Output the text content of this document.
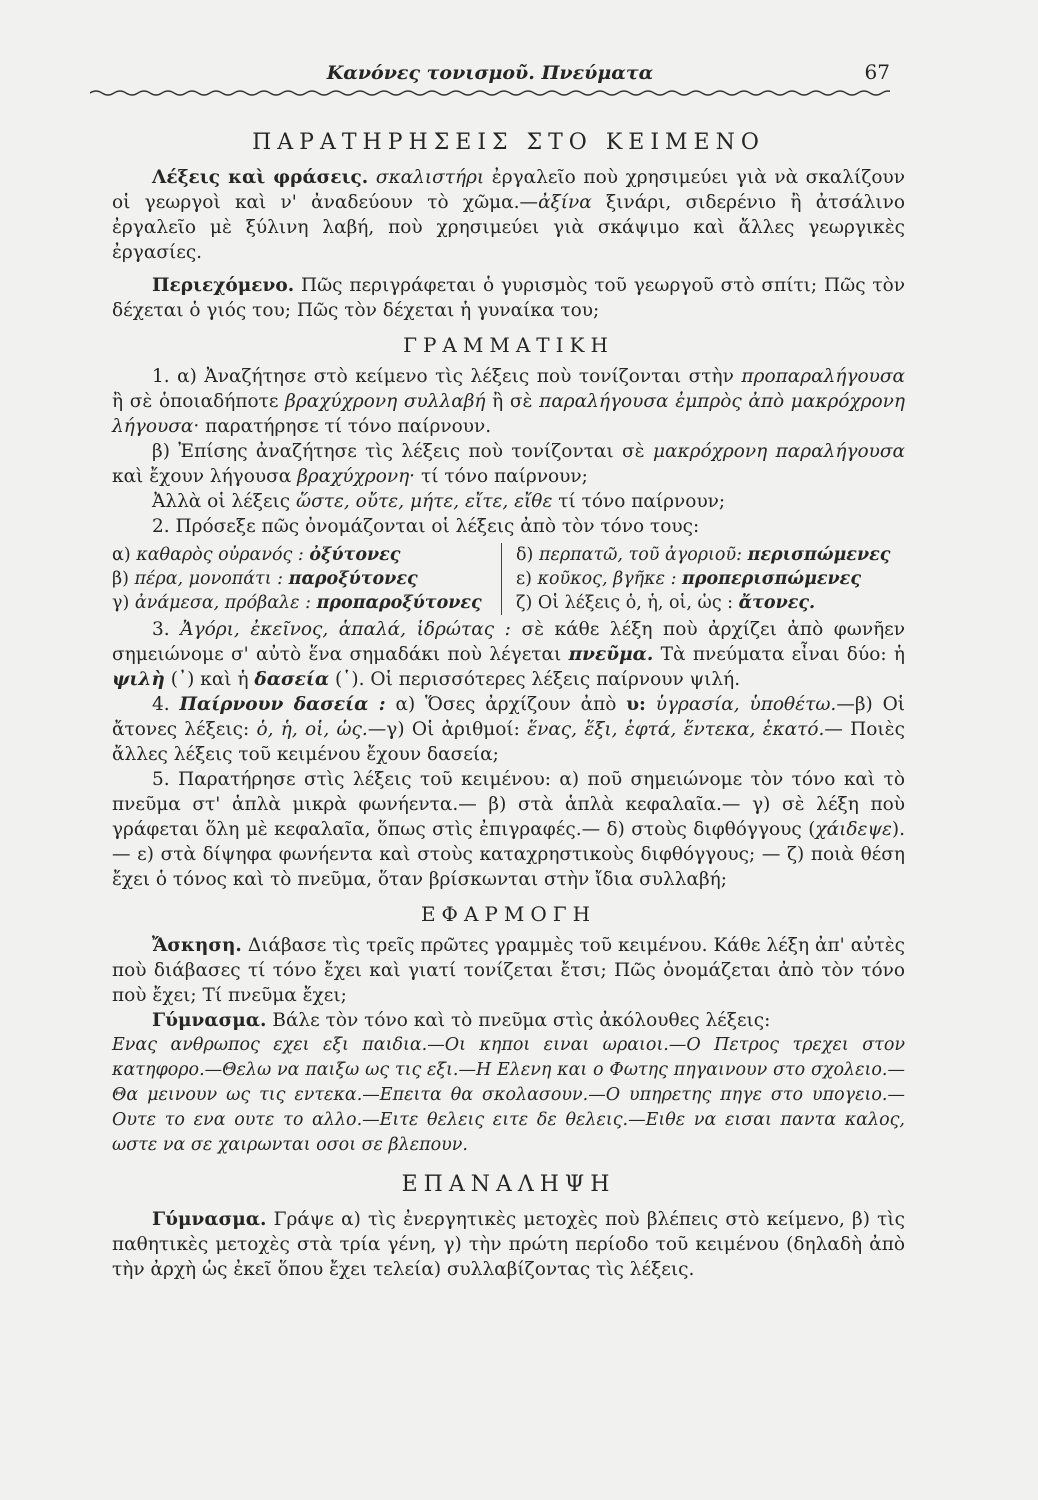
Κανόνες τονισμοῦ. Πνεύματα	67
ΠΑΡΑΤΗΡΗΣΕΙΣ ΣΤΟ ΚΕΙΜΕΝΟ

Λέξεις καὶ φράσεις. σκαλιστήρι ἐργαλεῖο ποὺ χρησιμεύει γιὰ νὰ σκαλίζουν οἱ γεωργοὶ καὶ ν' ἀναδεύουν τὸ χῶμα.—ἀξίνα ξινάρι, σιδερένιο ἢ ἀτσάλινο ἐργαλεῖο μὲ ξύλινη λαβή, ποὺ χρησιμεύει γιὰ σκάψιμο καὶ ἄλλες γεωργικὲς ἐργασίες.

Περιεχόμενο. Πῶς περιγράφεται ὁ γυρισμὸς τοῦ γεωργοῦ στὸ σπίτι; Πῶς τὸν δέχεται ὁ γιός του; Πῶς τὸν δέχεται ἡ γυναίκα του;

ΓΡΑΜΜΑΤΙΚΗ

1. α) Ἀναζήτησε στὸ κείμενο τὶς λέξεις ποὺ τονίζονται στὴν προπαραλήγουσα ἢ σὲ ὁποιαδήποτε βραχύχρονη συλλαβή ἢ σὲ παραλήγουσα ἐμπρὸς ἀπὸ μακρόχρονη λήγουσα· παρατήρησε τί τόνο παίρνουν.

β) Ἐπίσης ἀναζήτησε τὶς λέξεις ποὺ τονίζονται σὲ μακρόχρονη παραλήγουσα καὶ ἔχουν λήγουσα βραχύχρονη· τί τόνο παίρνουν;

Ἀλλὰ οἱ λέξεις ὥστε, οὔτε, μήτε, εἴτε, εἴθε τί τόνο παίρνουν;

2. Πρόσεξε πῶς ὀνομάζονται οἱ λέξεις ἀπὸ τὸν τόνο τους:

α) καθαρὸς οὐρανός : ὀξύτονες
β) πέρα, μονοπάτι : παροξύτονες
γ) ἀνάμεσα, πρόβαλε : προπαροξύτονες
δ) περπατῶ, τοῦ ἀγοριοῦ: περισπώμενες
ε) κοῦκος, βγῆκε : προπερισπώμενες
ζ) Οἱ λέξεις ὁ, ἡ, οἱ, ὡς : ἄτονες.

3. Ἀγόρι, ἐκεῖνος, ἁπαλά, ἱδρώτας : σὲ κάθε λέξη ποὺ ἀρχίζει ἀπὸ φωνῆεν σημειώνομε σ' αὐτὸ ἕνα σημαδάκι ποὺ λέγεται πνεῦμα. Τὰ πνεύματα εἶναι δύο: ἡ ψιλὴ (᾿) καὶ ἡ δασεία (῾). Οἱ περισσότερες λέξεις παίρνουν ψιλή.

4. Παίρνουν δασεία : α) Ὅσες ἀρχίζουν ἀπὸ υ: ὑγρασία, ὑποθέτω.—β) Οἱ ἄτονες λέξεις: ὁ, ἡ, οἱ, ὡς.—γ) Οἱ ἀριθμοί: ἕνας, ἕξι, ἑφτά, ἕντεκα, ἑκατό.— Ποιὲς ἄλλες λέξεις τοῦ κειμένου ἔχουν δασεία;

5. Παρατήρησε στὶς λέξεις τοῦ κειμένου: α) ποῦ σημειώνομε τὸν τόνο καὶ τὸ πνεῦμα στ' ἁπλὰ μικρὰ φωνήεντα.— β) στὰ ἁπλὰ κεφαλαῖα.— γ) σὲ λέξη ποὺ γράφεται ὅλη μὲ κεφαλαῖα, ὅπως στὶς ἐπιγραφές.— δ) στοὺς διφθόγγους (χάιδεψε).— ε) στὰ δίψηφα φωνήεντα καὶ στοὺς καταχρηστικοὺς διφθόγγους; — ζ) ποιὰ θέση ἔχει ὁ τόνος καὶ τὸ πνεῦμα, ὅταν βρίσκωνται στὴν ἴδια συλλαβή;

ΕΦΑΡΜΟΓΗ

Ἄσκηση. Διάβασε τὶς τρεῖς πρῶτες γραμμὲς τοῦ κειμένου. Κάθε λέξη ἀπ' αὐτὲς ποὺ διάβασες τί τόνο ἔχει καὶ γιατί τονίζεται ἔτσι; Πῶς ὀνομάζεται ἀπὸ τὸν τόνο ποὺ ἔχει; Τί πνεῦμα ἔχει;

Γύμνασμα. Βάλε τὸν τόνο καὶ τὸ πνεῦμα στὶς ἀκόλουθες λέξεις:

Ενας ανθρωπος εχει εξι παιδια.—Οι κηποι ειναι ωραιοι.—Ο Πετρος τρεχει στον κατηφορο.—Θελω να παιξω ως τις εξι.—Η Ελενη και ο Φωτης πηγαινουν στο σχολειο.—Θα μεινουν ως τις εντεκα.—Επειτα θα σκολασουν.—Ο υπηρετης πηγε στο υπογειο.—Ουτε το ενα ουτε το αλλο.—Ειτε θελεις ειτε δε θελεις.—Ειθε να εισαι παντα καλος, ωστε να σε χαιρωνται οσοι σε βλεπουν.

ΕΠΑΝΑΛΗΨΗ

Γύμνασμα. Γράψε α) τὶς ἐνεργητικὲς μετοχὲς ποὺ βλέπεις στὸ κείμενο, β) τὶς παθητικὲς μετοχὲς στὰ τρία γένη, γ) τὴν πρώτη περίοδο τοῦ κειμένου (δηλαδὴ ἀπὸ τὴν ἀρχὴ ὡς ἐκεῖ ὅπου ἔχει τελεία) συλλαβίζοντας τὶς λέξεις.
